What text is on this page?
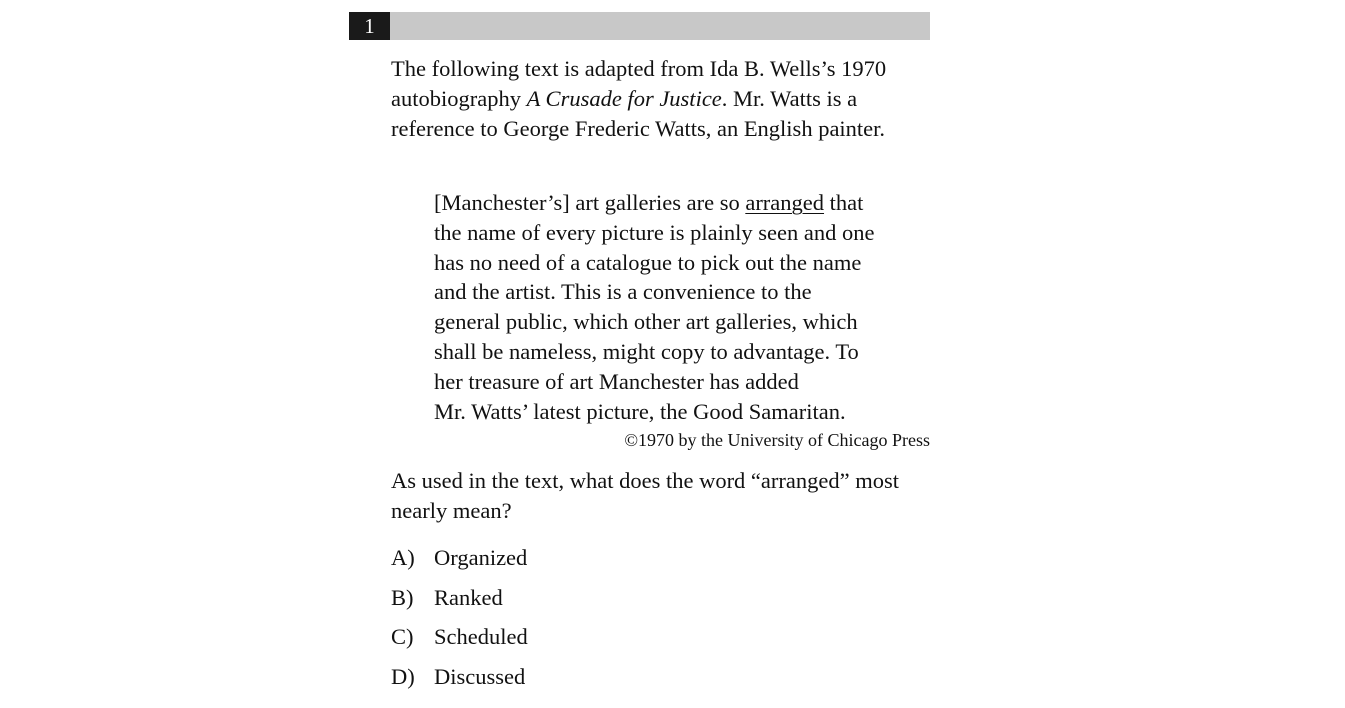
1

The following text is adapted from Ida B. Wells’s 1970 autobiography A Crusade for Justice. Mr. Watts is a reference to George Frederic Watts, an English painter.

[Manchester’s] art galleries are so arranged that
the name of every picture is plainly seen and one
has no need of a catalogue to pick out the name
and the artist. This is a convenience to the
general public, which other art galleries, which
shall be nameless, might copy to advantage. To
her treasure of art Manchester has added
Mr. Watts’ latest picture, the Good Samaritan.

©1970 by the University of Chicago Press

As used in the text, what does the word “arranged” most nearly mean?

A) Organized
B) Ranked
C) Scheduled
D) Discussed
